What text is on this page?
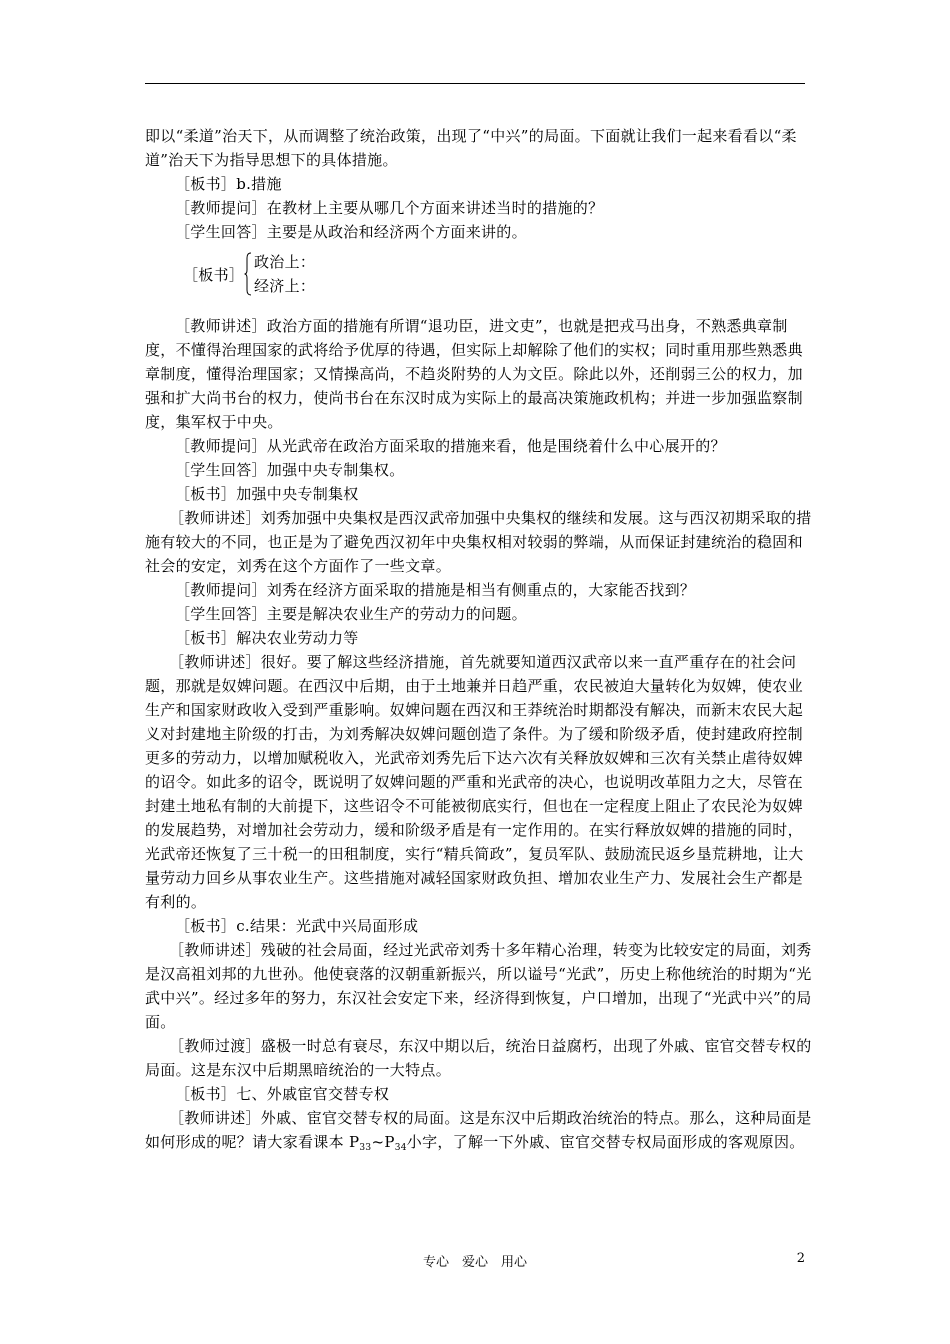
即以“柔道”治天下，从而调整了统治政策，出现了“中兴”的局面。下面就让我们一起来看看以“柔道”治天下为指导思想下的具体措施。

［板书］b.措施

［教师提问］在教材上主要从哪几个方面来讲述当时的措施的？

［学生回答］主要是从政治和经济两个方面来讲的。

［板书］
政治上：
经济上：

［教师讲述］政治方面的措施有所谓“退功臣，进文吏”，也就是把戎马出身，不熟悉典章制度，不懂得治理国家的武将给予优厚的待遇，但实际上却解除了他们的实权；同时重用那些熟悉典章制度，懂得治理国家；又情操高尚，不趋炎附势的人为文臣。除此以外，还削弱三公的权力，加强和扩大尚书台的权力，使尚书台在东汉时成为实际上的最高决策施政机构；并进一步加强监察制度，集军权于中央。

［教师提问］从光武帝在政治方面采取的措施来看，他是围绕着什么中心展开的？

［学生回答］加强中央专制集权。

［板书］加强中央专制集权

［教师讲述］刘秀加强中央集权是西汉武帝加强中央集权的继续和发展。这与西汉初期采取的措施有较大的不同，也正是为了避免西汉初年中央集权相对较弱的弊端，从而保证封建统治的稳固和社会的安定，刘秀在这个方面作了一些文章。

［教师提问］刘秀在经济方面采取的措施是相当有侧重点的，大家能否找到？

［学生回答］主要是解决农业生产的劳动力的问题。

［板书］解决农业劳动力等

［教师讲述］很好。要了解这些经济措施，首先就要知道西汉武帝以来一直严重存在的社会问题，那就是奴婢问题。在西汉中后期，由于土地兼并日趋严重，农民被迫大量转化为奴婢，使农业生产和国家财政收入受到严重影响。奴婢问题在西汉和王莽统治时期都没有解决，而新末农民大起义对封建地主阶级的打击，为刘秀解决奴婢问题创造了条件。为了缓和阶级矛盾，使封建政府控制更多的劳动力，以增加赋税收入，光武帝刘秀先后下达六次有关释放奴婢和三次有关禁止虐待奴婢的诏令。如此多的诏令，既说明了奴婢问题的严重和光武帝的决心，也说明改革阻力之大，尽管在封建土地私有制的大前提下，这些诏令不可能被彻底实行，但也在一定程度上阻止了农民沦为奴婢的发展趋势，对增加社会劳动力，缓和阶级矛盾是有一定作用的。在实行释放奴婢的措施的同时，光武帝还恢复了三十税一的田租制度，实行“精兵简政”，复员军队、鼓励流民返乡垦荒耕地，让大量劳动力回乡从事农业生产。这些措施对减轻国家财政负担、增加农业生产力、发展社会生产都是有利的。

［板书］c.结果：光武中兴局面形成

［教师讲述］残破的社会局面，经过光武帝刘秀十多年精心治理，转变为比较安定的局面，刘秀是汉高祖刘邦的九世孙。他使衰落的汉朝重新振兴，所以谥号“光武”，历史上称他统治的时期为“光武中兴”。经过多年的努力，东汉社会安定下来，经济得到恢复，户口增加，出现了“光武中兴”的局面。

［教师过渡］盛极一时总有衰尽，东汉中期以后，统治日益腐朽，出现了外戚、宦官交替专权的局面。这是东汉中后期黑暗统治的一大特点。

［板书］七、外戚宦官交替专权

［教师讲述］外戚、宦官交替专权的局面。这是东汉中后期政治统治的特点。那么，这种局面是如何形成的呢？请大家看课本 $P_{33}\sim P_{34}$小字，了解一下外戚、宦官交替专权局面形成的客观原因。

专心　爱心　用心	2
